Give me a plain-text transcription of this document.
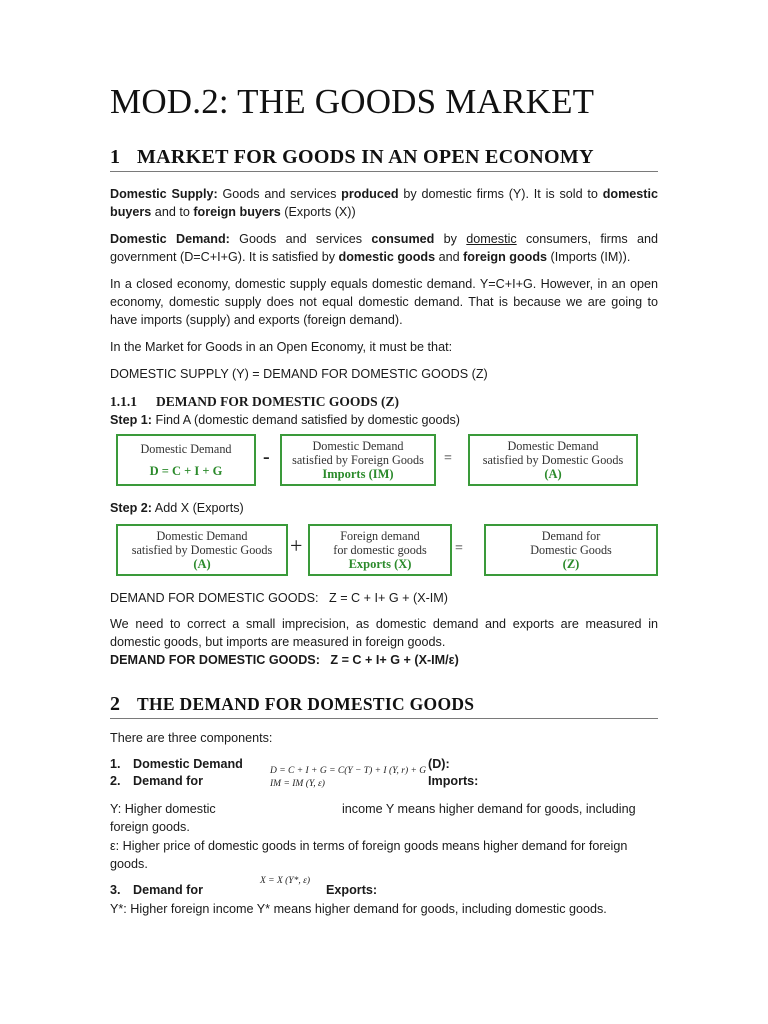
MOD.2: THE GOODS MARKET
1 MARKET FOR GOODS IN AN OPEN ECONOMY
Domestic Supply: Goods and services produced by domestic firms (Y). It is sold to domestic buyers and to foreign buyers (Exports (X))
Domestic Demand: Goods and services consumed by domestic consumers, firms and government (D=C+I+G). It is satisfied by domestic goods and foreign goods (Imports (IM)).
In a closed economy, domestic supply equals domestic demand. Y=C+I+G. However, in an open economy, domestic supply does not equal domestic demand. That is because we are going to have imports (supply) and exports (foreign demand).
In the Market for Goods in an Open Economy, it must be that:
DOMESTIC SUPPLY (Y) = DEMAND FOR DOMESTIC GOODS (Z)
1.1.1 DEMAND FOR DOMESTIC GOODS (Z)
Step 1: Find A (domestic demand satisfied by domestic goods)
Domestic Demand
D = C + I + G
-	Domestic Demand
satisfied by Foreign Goods
Imports (IM)
=
Domestic Demand
satisfied by Domestic Goods
(A)
Step 2: Add X (Exports)
Domestic Demand
satisfied by Domestic Goods
(A)
+	Foreign demand
for domestic goods
Exports (X)
=
Demand for
Domestic Goods
(Z)
DEMAND FOR DOMESTIC GOODS:   Z = C + I+ G + (X-IM)
We need to correct a small imprecision, as domestic demand and exports are measured in domestic goods, but imports are measured in foreign goods.
DEMAND FOR DOMESTIC GOODS:   Z = C + I+ G + (X-IM/ε)
2 THE DEMAND FOR DOMESTIC GOODS
There are three components:
1. Domestic Demand	(D):
2. Demand for	Imports:
D = C + I + G = C(Y − T) + I (Y, r) + G
IM = IM (Y, ε)
Y: Higher domestic	income Y means higher demand for goods, including
foreign goods.
ε: Higher price of domestic goods in terms of foreign goods means higher demand for foreign goods.
3. Demand for
X = X (Y*, ε)
Exports:
Y*: Higher foreign income Y* means higher demand for goods, including domestic goods.
